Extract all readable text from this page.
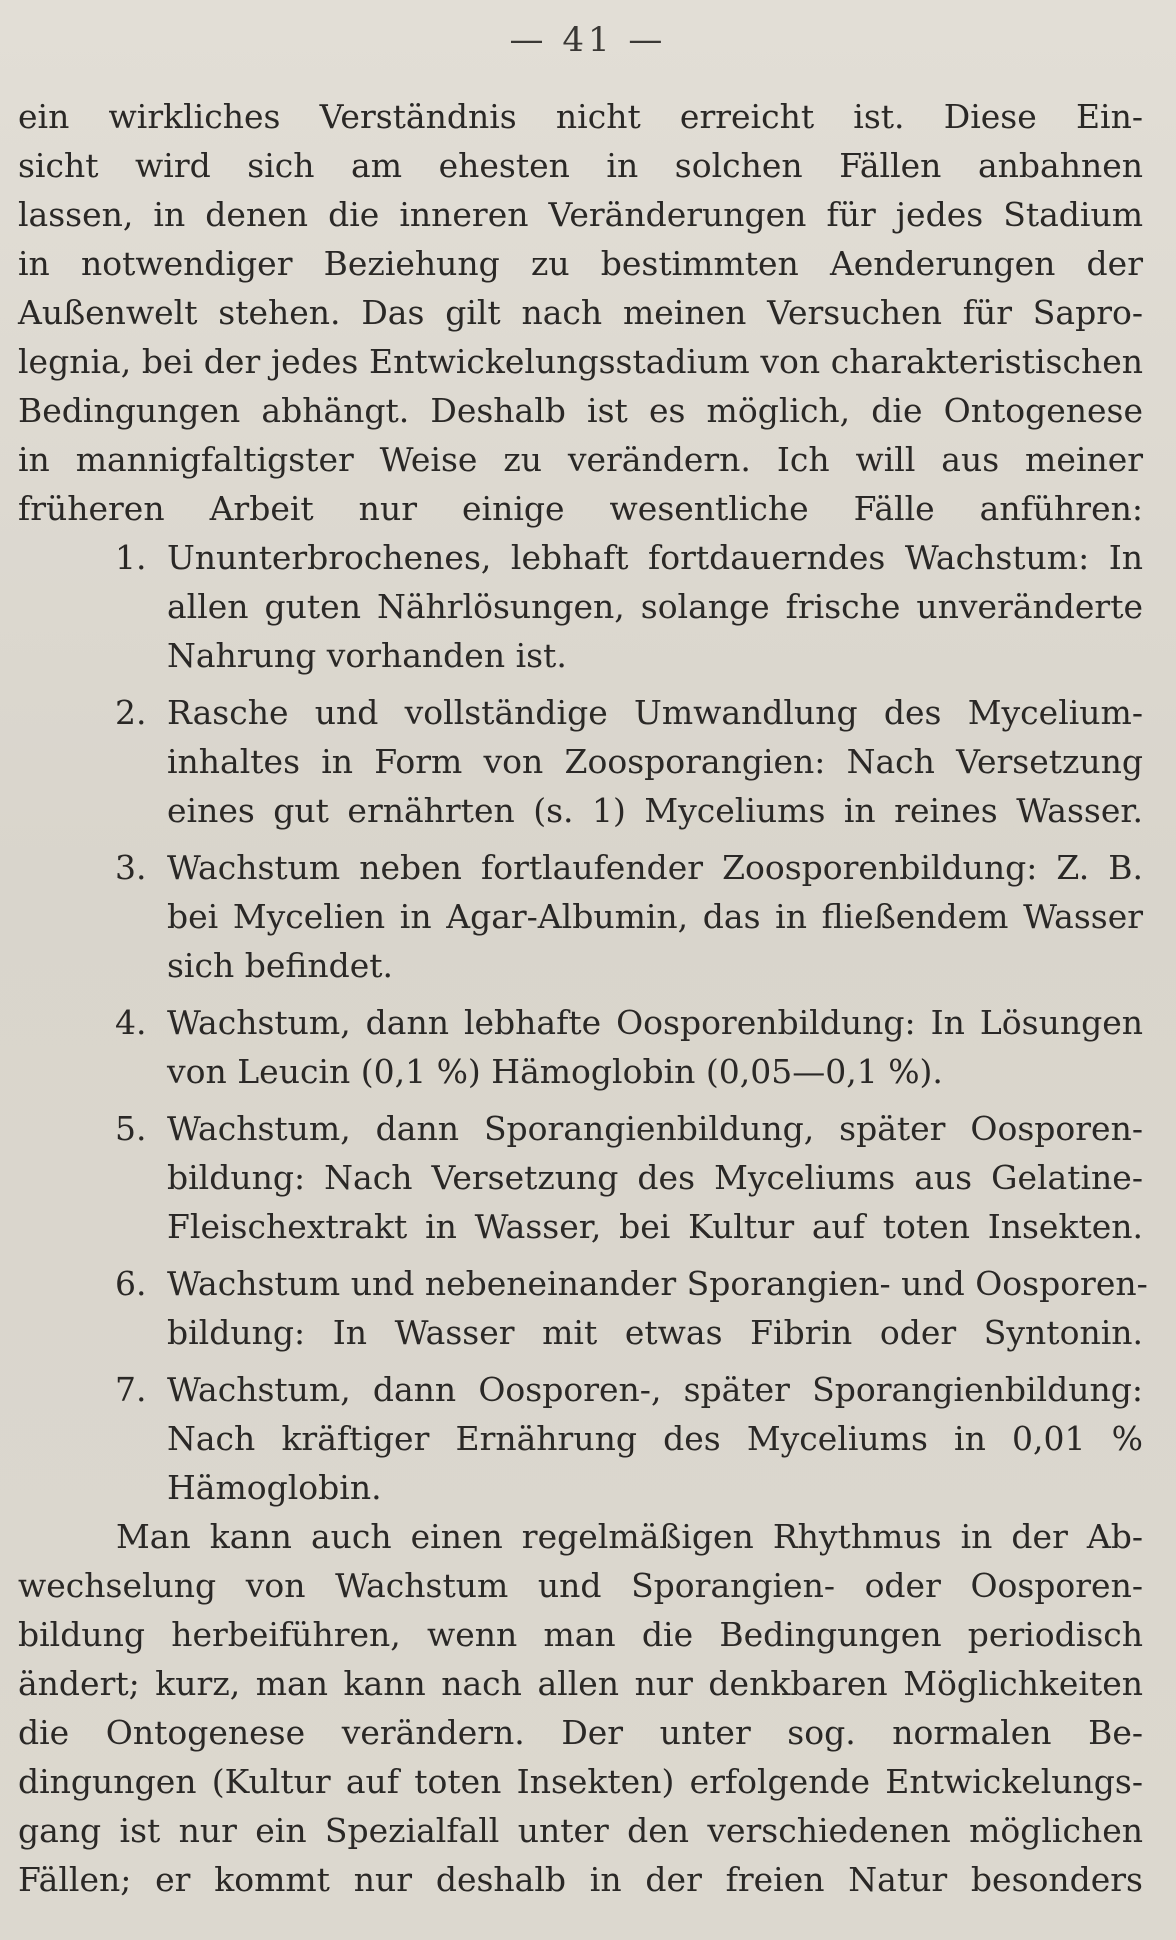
— 41 —
ein wirkliches Verständnis nicht erreicht ist. Diese Ein-
sicht wird sich am ehesten in solchen Fällen anbahnen
lassen, in denen die inneren Veränderungen für jedes Stadium
in notwendiger Beziehung zu bestimmten Aenderungen der
Außenwelt stehen. Das gilt nach meinen Versuchen für Sapro-
legnia, bei der jedes Entwickelungsstadium von charakteristischen
Bedingungen abhängt. Deshalb ist es möglich, die Ontogenese
in mannigfaltigster Weise zu verändern. Ich will aus meiner
früheren Arbeit nur einige wesentliche Fälle anführen:
1. Ununterbrochenes, lebhaft fortdauerndes Wachstum: In
allen guten Nährlösungen, solange frische unveränderte
Nahrung vorhanden ist.
2. Rasche und vollständige Umwandlung des Mycelium-
inhaltes in Form von Zoosporangien: Nach Versetzung
eines gut ernährten (s. 1) Myceliums in reines Wasser.
3. Wachstum neben fortlaufender Zoosporenbildung: Z. B.
bei Mycelien in Agar-Albumin, das in fließendem Wasser
sich befindet.
4. Wachstum, dann lebhafte Oosporenbildung: In Lösungen
von Leucin (0,1 %) Hämoglobin (0,05—0,1 %).
5. Wachstum, dann Sporangienbildung, später Oosporen-
bildung: Nach Versetzung des Myceliums aus Gelatine-
Fleischextrakt in Wasser, bei Kultur auf toten Insekten.
6. Wachstum und nebeneinander Sporangien- und Oosporen-
bildung: In Wasser mit etwas Fibrin oder Syntonin.
7. Wachstum, dann Oosporen-, später Sporangienbildung:
Nach kräftiger Ernährung des Myceliums in 0,01 %
Hämoglobin.
Man kann auch einen regelmäßigen Rhythmus in der Ab-
wechselung von Wachstum und Sporangien- oder Oosporen-
bildung herbeiführen, wenn man die Bedingungen periodisch
ändert; kurz, man kann nach allen nur denkbaren Möglichkeiten
die Ontogenese verändern. Der unter sog. normalen Be-
dingungen (Kultur auf toten Insekten) erfolgende Entwickelungs-
gang ist nur ein Spezialfall unter den verschiedenen möglichen
Fällen; er kommt nur deshalb in der freien Natur besonders
